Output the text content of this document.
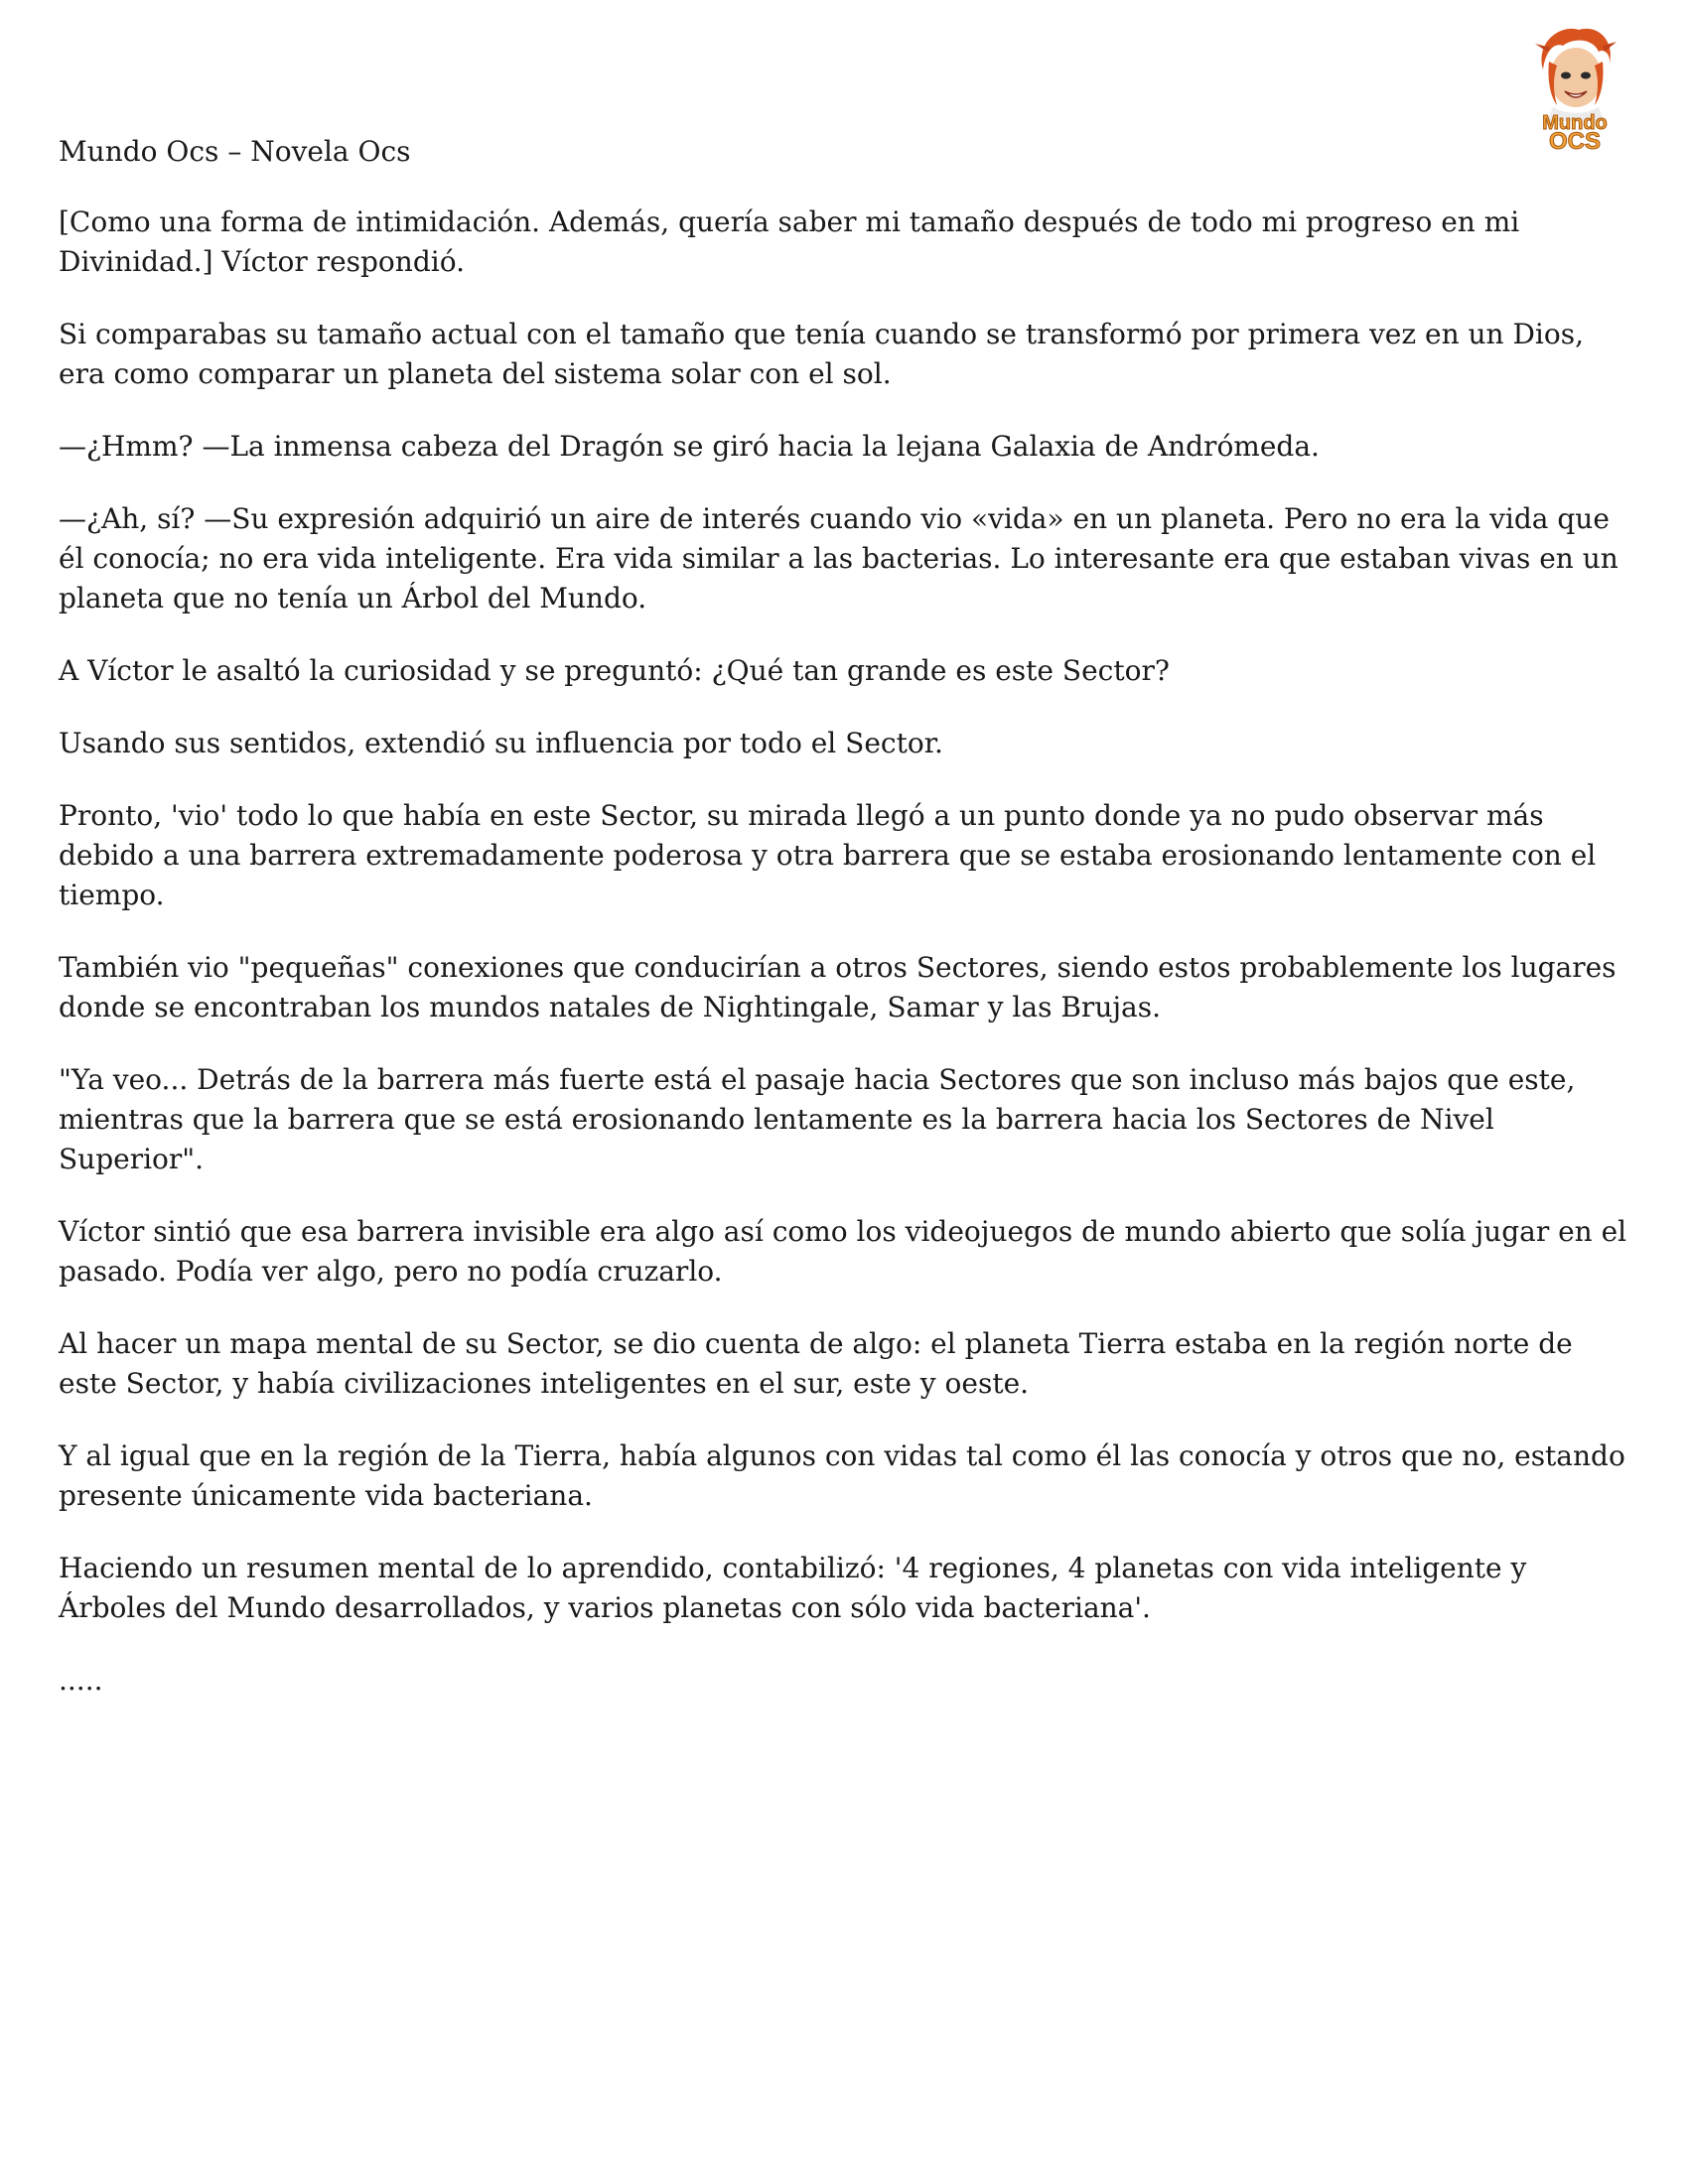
Mundo
OCS
Mundo Ocs – Novela Ocs

[Como una forma de intimidación. Además, quería saber mi tamaño después de todo mi progreso en mi Divinidad.] Víctor respondió.

Si comparabas su tamaño actual con el tamaño que tenía cuando se transformó por primera vez en un Dios, era como comparar un planeta del sistema solar con el sol.

—¿Hmm? —La inmensa cabeza del Dragón se giró hacia la lejana Galaxia de Andrómeda.

—¿Ah, sí? —Su expresión adquirió un aire de interés cuando vio «vida» en un planeta. Pero no era la vida que él conocía; no era vida inteligente. Era vida similar a las bacterias. Lo interesante era que estaban vivas en un planeta que no tenía un Árbol del Mundo.

A Víctor le asaltó la curiosidad y se preguntó: ¿Qué tan grande es este Sector?

Usando sus sentidos, extendió su influencia por todo el Sector.

Pronto, 'vio' todo lo que había en este Sector, su mirada llegó a un punto donde ya no pudo observar más debido a una barrera extremadamente poderosa y otra barrera que se estaba erosionando lentamente con el tiempo.

También vio "pequeñas" conexiones que conducirían a otros Sectores, siendo estos probablemente los lugares donde se encontraban los mundos natales de Nightingale, Samar y las Brujas.

"Ya veo... Detrás de la barrera más fuerte está el pasaje hacia Sectores que son incluso más bajos que este, mientras que la barrera que se está erosionando lentamente es la barrera hacia los Sectores de Nivel Superior".

Víctor sintió que esa barrera invisible era algo así como los videojuegos de mundo abierto que solía jugar en el pasado. Podía ver algo, pero no podía cruzarlo.

Al hacer un mapa mental de su Sector, se dio cuenta de algo: el planeta Tierra estaba en la región norte de este Sector, y había civilizaciones inteligentes en el sur, este y oeste.

Y al igual que en la región de la Tierra, había algunos con vidas tal como él las conocía y otros que no, estando presente únicamente vida bacteriana.

Haciendo un resumen mental de lo aprendido, contabilizó: '4 regiones, 4 planetas con vida inteligente y Árboles del Mundo desarrollados, y varios planetas con sólo vida bacteriana'.

.....
